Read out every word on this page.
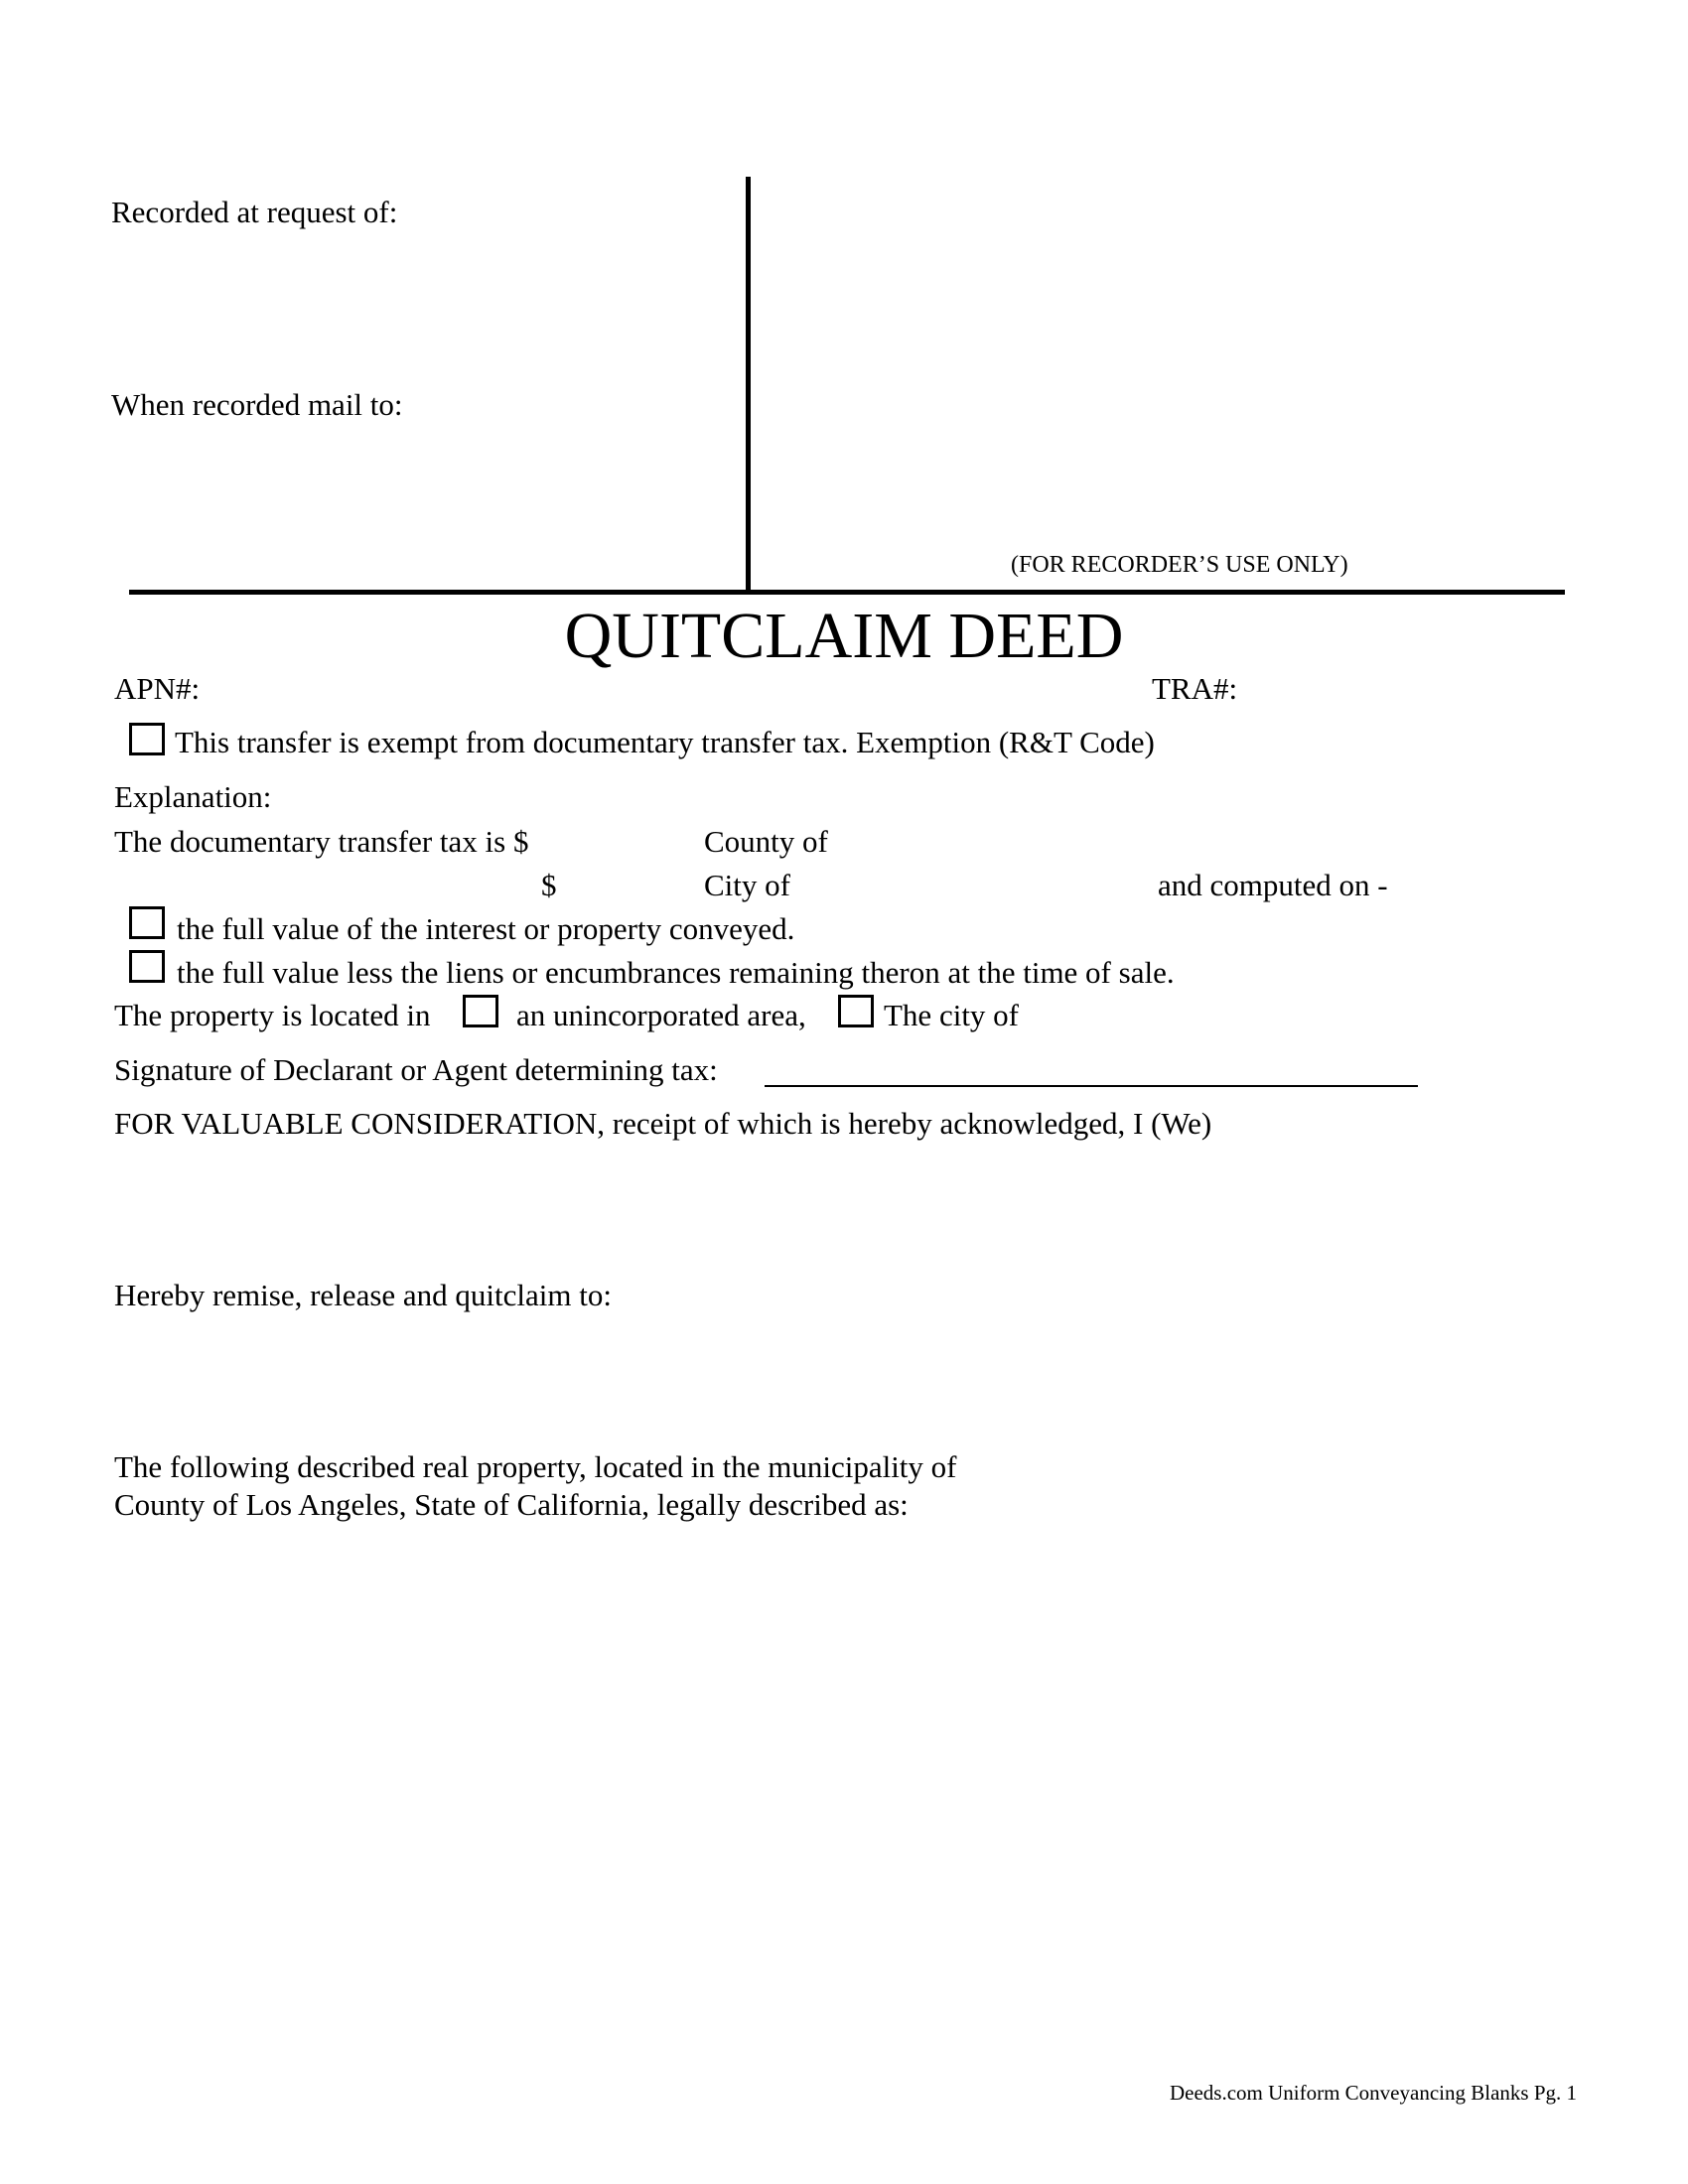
Recorded at request of:
When recorded mail to:
(FOR RECORDER’S USE ONLY)
QUITCLAIM DEED
APN#:	TRA#:
This transfer is exempt from documentary transfer tax. Exemption (R&T Code)
Explanation:
The documentary transfer tax is $	County of
$	City of	and computed on -
the full value of the interest or property conveyed.
the full value less the liens or encumbrances remaining theron at the time of sale.
The property is located in	an unincorporated area,	The city of
Signature of Declarant or Agent determining tax:
FOR VALUABLE CONSIDERATION, receipt of which is hereby acknowledged, I (We)
Hereby remise, release and quitclaim to:
The following described real property, located in the municipality of
County of Los Angeles, State of California, legally described as:
Deeds.com Uniform Conveyancing Blanks Pg. 1
